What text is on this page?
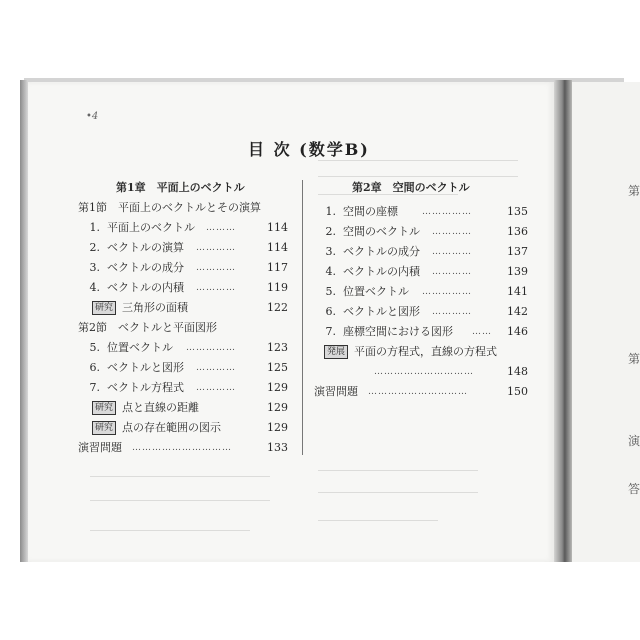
第
第
演
答
•4
目 次 (数学B)
第1章　平面上のベクトル
第1節　平面上のベクトルとその演算
1. 平面上のベクトル ………	114
2. ベクトルの演算 …………	114
3. ベクトルの成分 …………	117
4. ベクトルの内積 …………	119
研究 三角形の面積	122
第2節　ベクトルと平面図形
5. 位置ベクトル ……………	123
6. ベクトルと図形 …………	125
7. ベクトル方程式 …………	129
研究 点と直線の距離	129
研究 点の存在範囲の図示	129
演習問題 …………………………	133
第2章　空間のベクトル
1. 空間の座標	……………	135
2. 空間のベクトル …………	136
3. ベクトルの成分 …………	137
4. ベクトルの内積 …………	139
5. 位置ベクトル ……………	141
6. ベクトルと図形 …………	142
7. 座標空間における図形 ……	146
発展 平面の方程式，直線の方程式
…………………………	148
演習問題 …………………………	150
